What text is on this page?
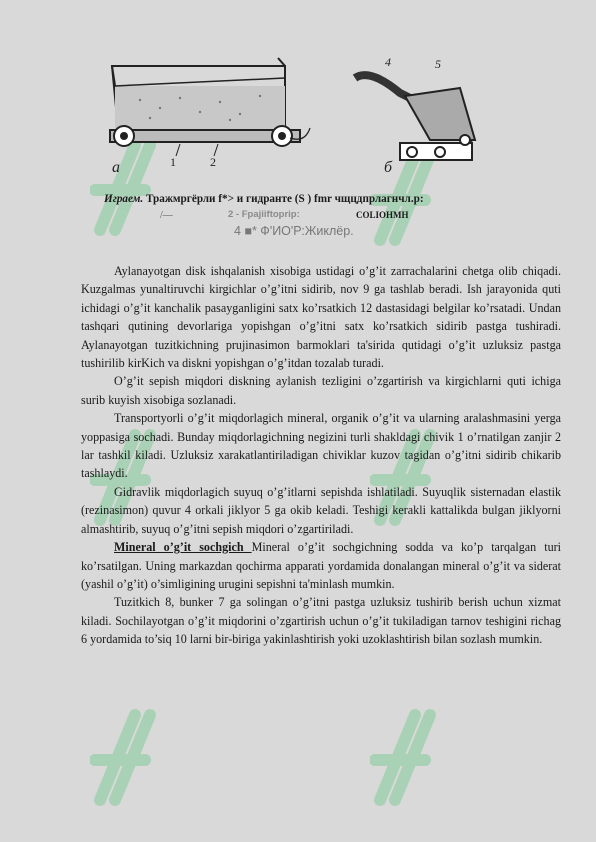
а	1	2
4	5
б
Играем. Тражмргёрли f*> и гидранте (S ) fmr чщцдпрлагнчл.р:
/—	2 - Fpajiiftoprip:	COLIOHMH
4 ■* Ф'ИО'Р:Жиклёр.

Aylanayotgan disk ishqalanish xisobiga ustidagi o’g’it zarrachalarini chetga olib chiqadi. Kuzgalmas yunaltiruvchi kirgichlar o’g’itni sidirib, nov 9 ga tashlab beradi. Ish jarayonida quti ichidagi o’g’it kanchalik pasayganligini satx ko’rsatkich 12 dastasidagi belgilar ko’rsatadi. Undan tashqari qutining devorlariga yopishgan o’g’itni satx ko’rsatkich sidirib pastga tushiradi. Aylanayotgan tuzitkichning prujinasimon barmoklari ta'sirida qutidagi o’g’it uzluksiz pastga tushirilib kirKich va diskni yopishgan o’g’itdan tozalab turadi.

O’g’it sepish miqdori diskning aylanish tezligini o’zgartirish va kirgichlarni quti ichiga surib kuyish xisobiga sozlanadi.

Transportyorli o’g’it miqdorlagich mineral, organik o’g’it va ularning aralashmasini yerga yoppasiga sochadi. Bunday miqdorlagichning negizini turli shakldagi chivik 1 o’rnatilgan zanjir 2 lar tashkil kiladi. Uzluksiz xarakatlantiriladigan chiviklar kuzov tagidan o’g’itni sidirib chikarib tashlaydi.

Gidravlik miqdorlagich suyuq o’g’itlarni sepishda ishlatiladi. Suyuqlik sisternadan elastik (rezinasimon) quvur 4 orkali jiklyor 5 ga okib keladi. Teshigi kerakli kattalikda bulgan jiklyorni almashtirib, suyuq o’g’itni sepish miqdori o’zgartiriladi.

Mineral o’g’it sochgich Mineral o’g’it sochgichning sodda va ko’p tarqalgan turi ko’rsatilgan. Uning markazdan qochirma apparati yordamida donalangan mineral o’g’it va siderat (yashil o’g’it) o’simligining urugini sepishni ta'minlash mumkin.

Tuzitkich 8, bunker 7 ga solingan o’g’itni pastga uzluksiz tushirib berish uchun xizmat kiladi. Sochilayotgan o’g’it miqdorini o’zgartirish uchun o’g’it tukiladigan tarnov teshigini richag 6 yordamida to’siq 10 larni bir-biriga yakinlashtirish yoki uzoklashtirish bilan sozlash mumkin.
